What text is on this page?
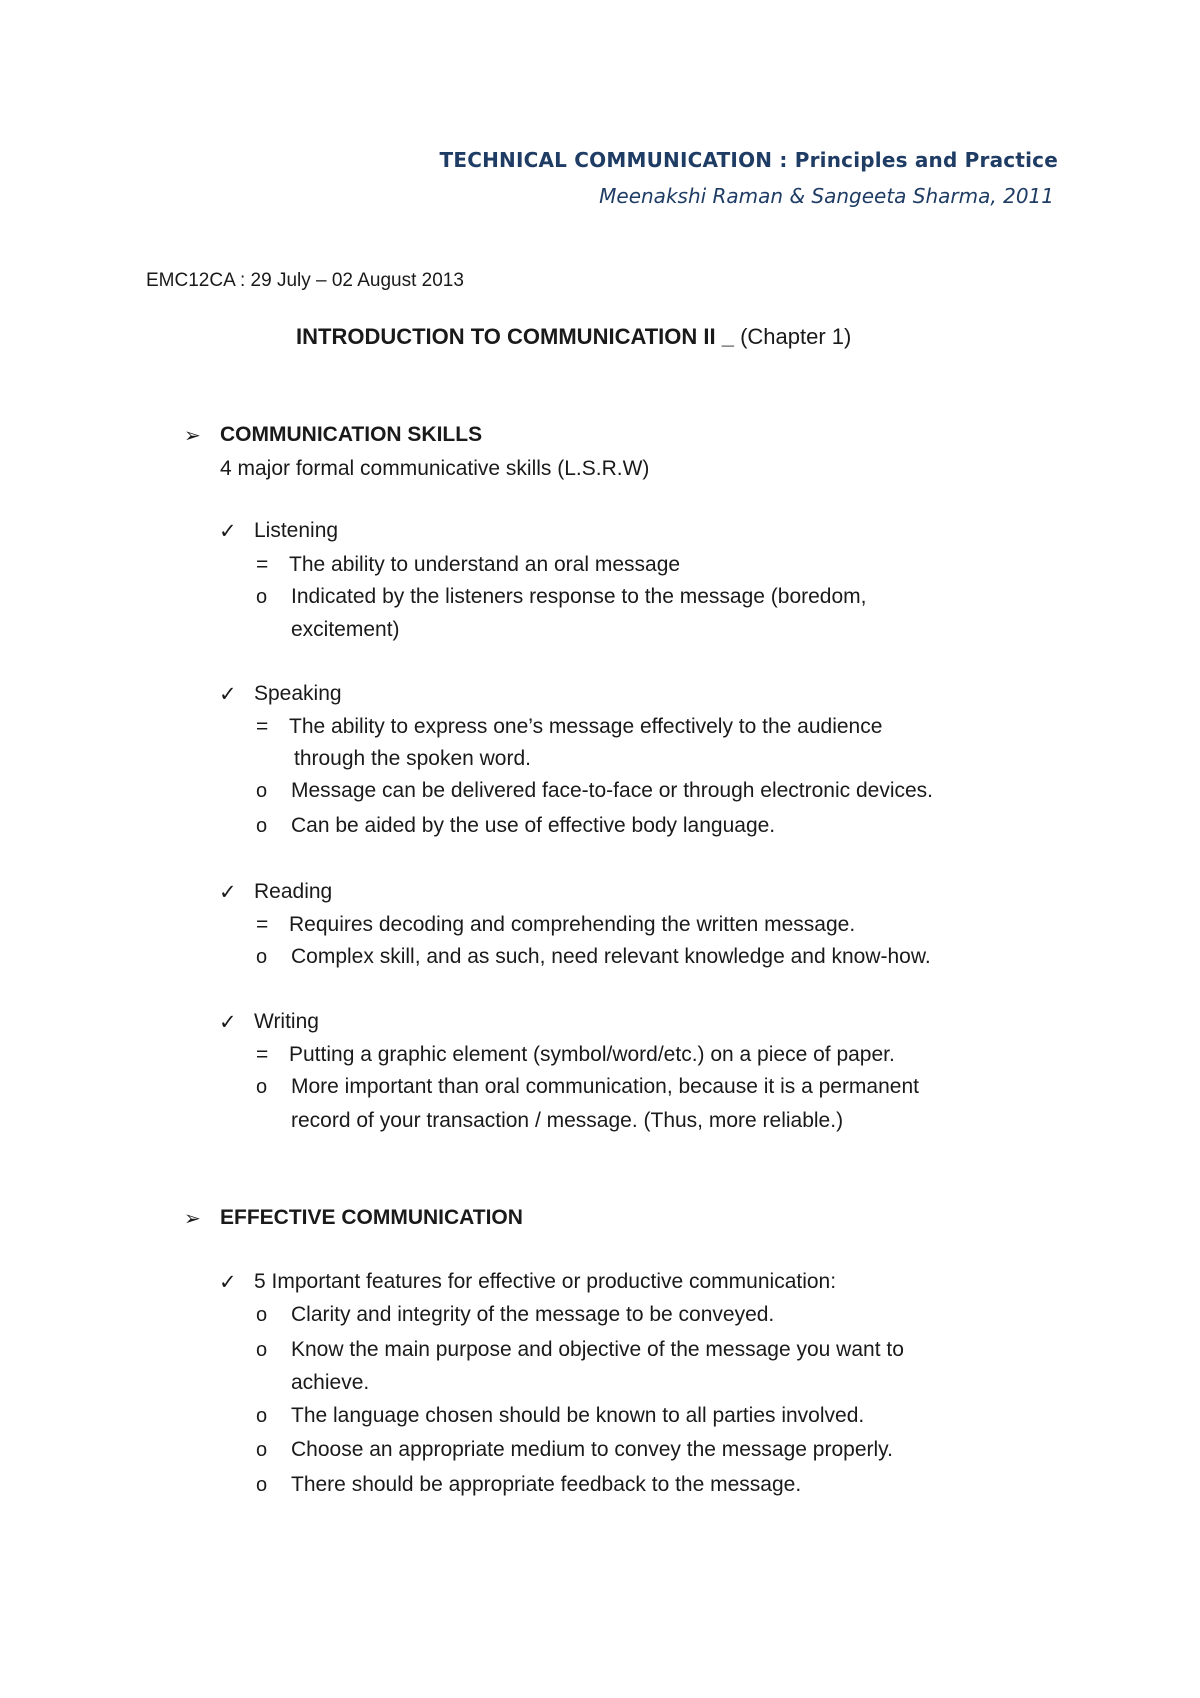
TECHNICAL COMMUNICATION : Principles and Practice
Meenakshi Raman & Sangeeta Sharma, 2011
EMC12CA : 29 July – 02 August 2013
INTRODUCTION TO COMMUNICATION II _ (Chapter 1)
➢ COMMUNICATION SKILLS
4 major formal communicative skills (L.S.R.W)
✓ Listening
= The ability to understand an oral message
o Indicated by the listeners response to the message (boredom,
excitement)
✓ Speaking
= The ability to express one’s message effectively to the audience
through the spoken word.
o Message can be delivered face-to-face or through electronic devices.
o Can be aided by the use of effective body language.
✓ Reading
= Requires decoding and comprehending the written message.
o Complex skill, and as such, need relevant knowledge and know-how.
✓ Writing
= Putting a graphic element (symbol/word/etc.) on a piece of paper.
o More important than oral communication, because it is a permanent
record of your transaction / message. (Thus, more reliable.)
➢ EFFECTIVE COMMUNICATION
✓ 5 Important features for effective or productive communication:
o Clarity and integrity of the message to be conveyed.
o Know the main purpose and objective of the message you want to
achieve.
o The language chosen should be known to all parties involved.
o Choose an appropriate medium to convey the message properly.
o There should be appropriate feedback to the message.
